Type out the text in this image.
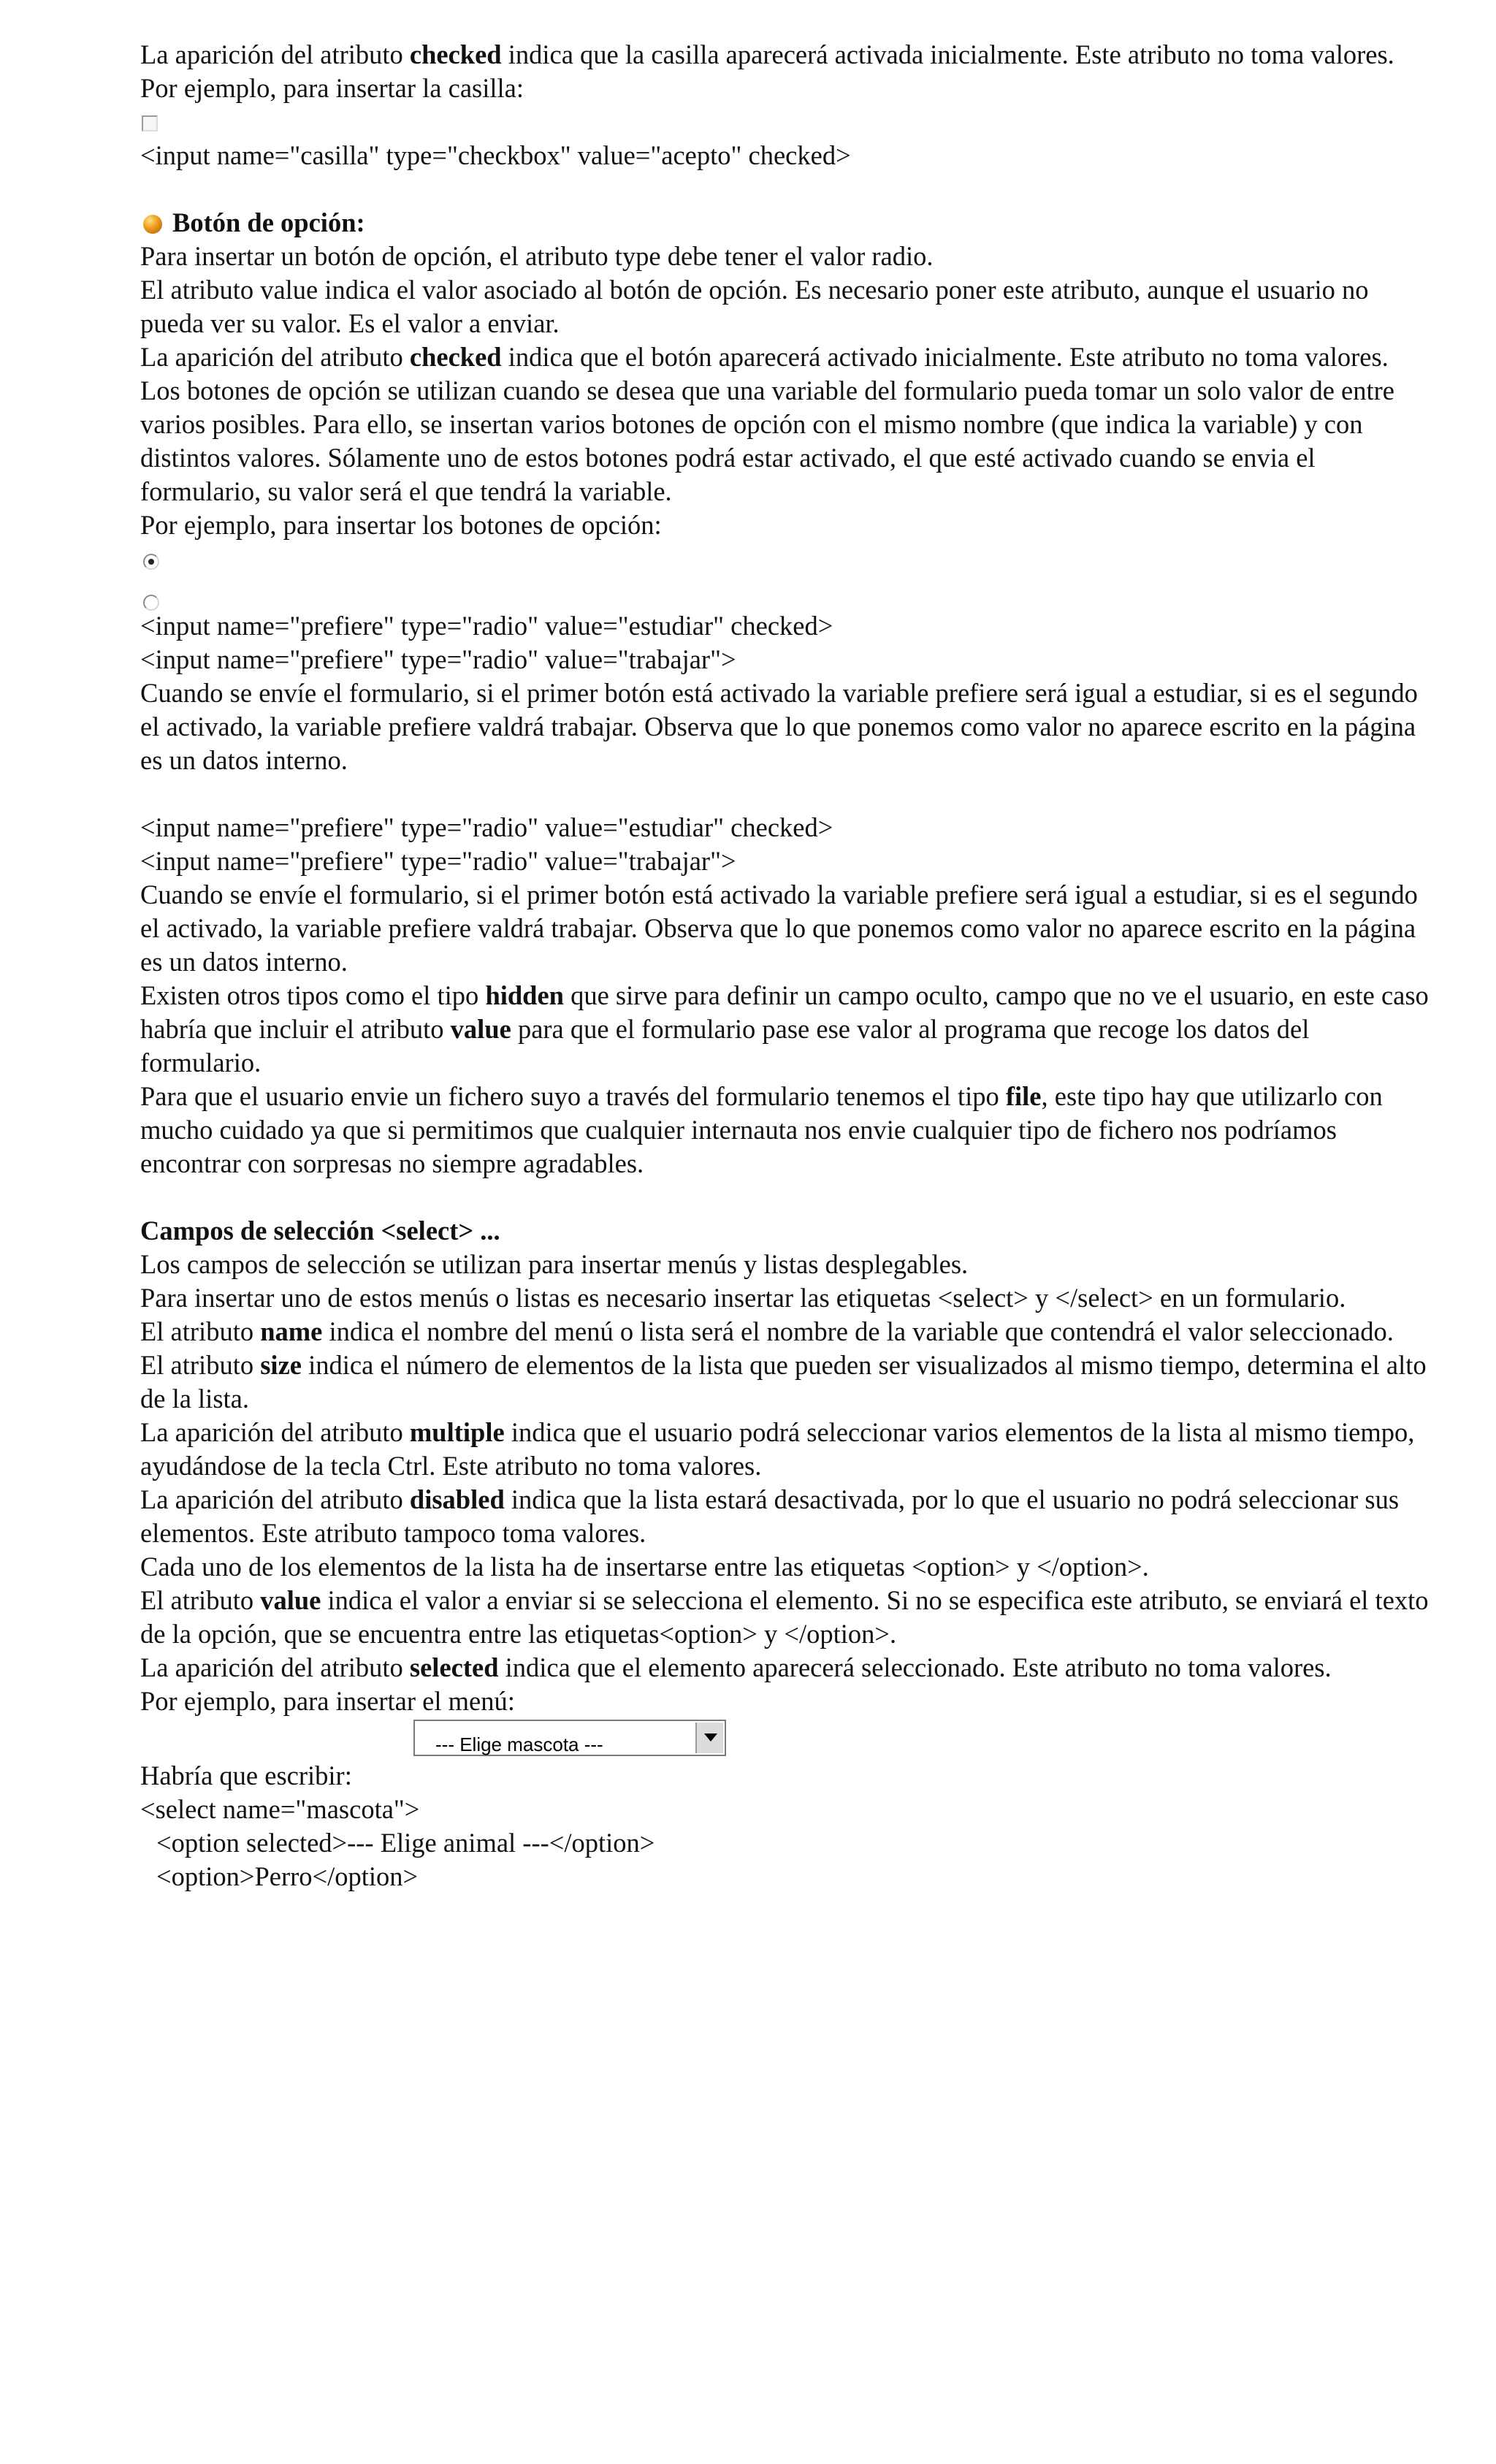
La aparición del atributo checked indica que la casilla aparecerá activada inicialmente. Este atributo no toma valores.

Por ejemplo, para insertar la casilla:

<input name="casilla" type="checkbox" value="acepto" checked>

Botón de opción:

Para insertar un botón de opción, el atributo type debe tener el valor radio.

El atributo value indica el valor asociado al botón de opción. Es necesario poner este atributo, aunque el usuario no pueda ver su valor. Es el valor a enviar.

La aparición del atributo checked indica que el botón aparecerá activado inicialmente. Este atributo no toma valores.

Los botones de opción se utilizan cuando se desea que una variable del formulario pueda tomar un solo valor de entre varios posibles. Para ello, se insertan varios botones de opción con el mismo nombre (que indica la variable) y con distintos valores. Sólamente uno de estos botones podrá estar activado, el que esté activado cuando se envia el formulario, su valor será el que tendrá la variable.

Por ejemplo, para insertar los botones de opción:

<input name="prefiere" type="radio" value="estudiar" checked>

<input name="prefiere" type="radio" value="trabajar">

Cuando se envíe el formulario, si el primer botón está activado la variable prefiere será igual a estudiar, si es el segundo el activado, la variable prefiere valdrá trabajar. Observa que lo que ponemos como valor no aparece escrito en la página es un datos interno.

<input name="prefiere" type="radio" value="estudiar" checked>

<input name="prefiere" type="radio" value="trabajar">

Cuando se envíe el formulario, si el primer botón está activado la variable prefiere será igual a estudiar, si es el segundo el activado, la variable prefiere valdrá trabajar. Observa que lo que ponemos como valor no aparece escrito en la página es un datos interno.

Existen otros tipos como el tipo hidden que sirve para definir un campo oculto, campo que no ve el usuario, en este caso habría que incluir el atributo value para que el formulario pase ese valor al programa que recoge los datos del formulario.

Para que el usuario envie un fichero suyo a través del formulario tenemos el tipo file, este tipo hay que utilizarlo con mucho cuidado ya que si permitimos que cualquier internauta nos envie cualquier tipo de fichero nos podríamos encontrar con sorpresas no siempre agradables.

Campos de selección <select> ...

Los campos de selección se utilizan para insertar menús y listas desplegables.

Para insertar uno de estos menús o listas es necesario insertar las etiquetas <select> y </select> en un formulario.

El atributo name indica el nombre del menú o lista será el nombre de la variable que contendrá el valor seleccionado.

El atributo size indica el número de elementos de la lista que pueden ser visualizados al mismo tiempo, determina el alto de la lista.

La aparición del atributo multiple indica que el usuario podrá seleccionar varios elementos de la lista al mismo tiempo, ayudándose de la tecla Ctrl. Este atributo no toma valores.

La aparición del atributo disabled indica que la lista estará desactivada, por lo que el usuario no podrá seleccionar sus elementos. Este atributo tampoco toma valores.

Cada uno de los elementos de la lista ha de insertarse entre las etiquetas <option> y </option>.

El atributo value indica el valor a enviar si se selecciona el elemento. Si no se especifica este atributo, se enviará el texto de la opción, que se encuentra entre las etiquetas<option> y </option>.

La aparición del atributo selected indica que el elemento aparecerá seleccionado. Este atributo no toma valores.

Por ejemplo, para insertar el menú:

--- Elige mascota ---

Habría que escribir:

<select name="mascota">

<option selected>--- Elige animal ---</option>

<option>Perro</option>
